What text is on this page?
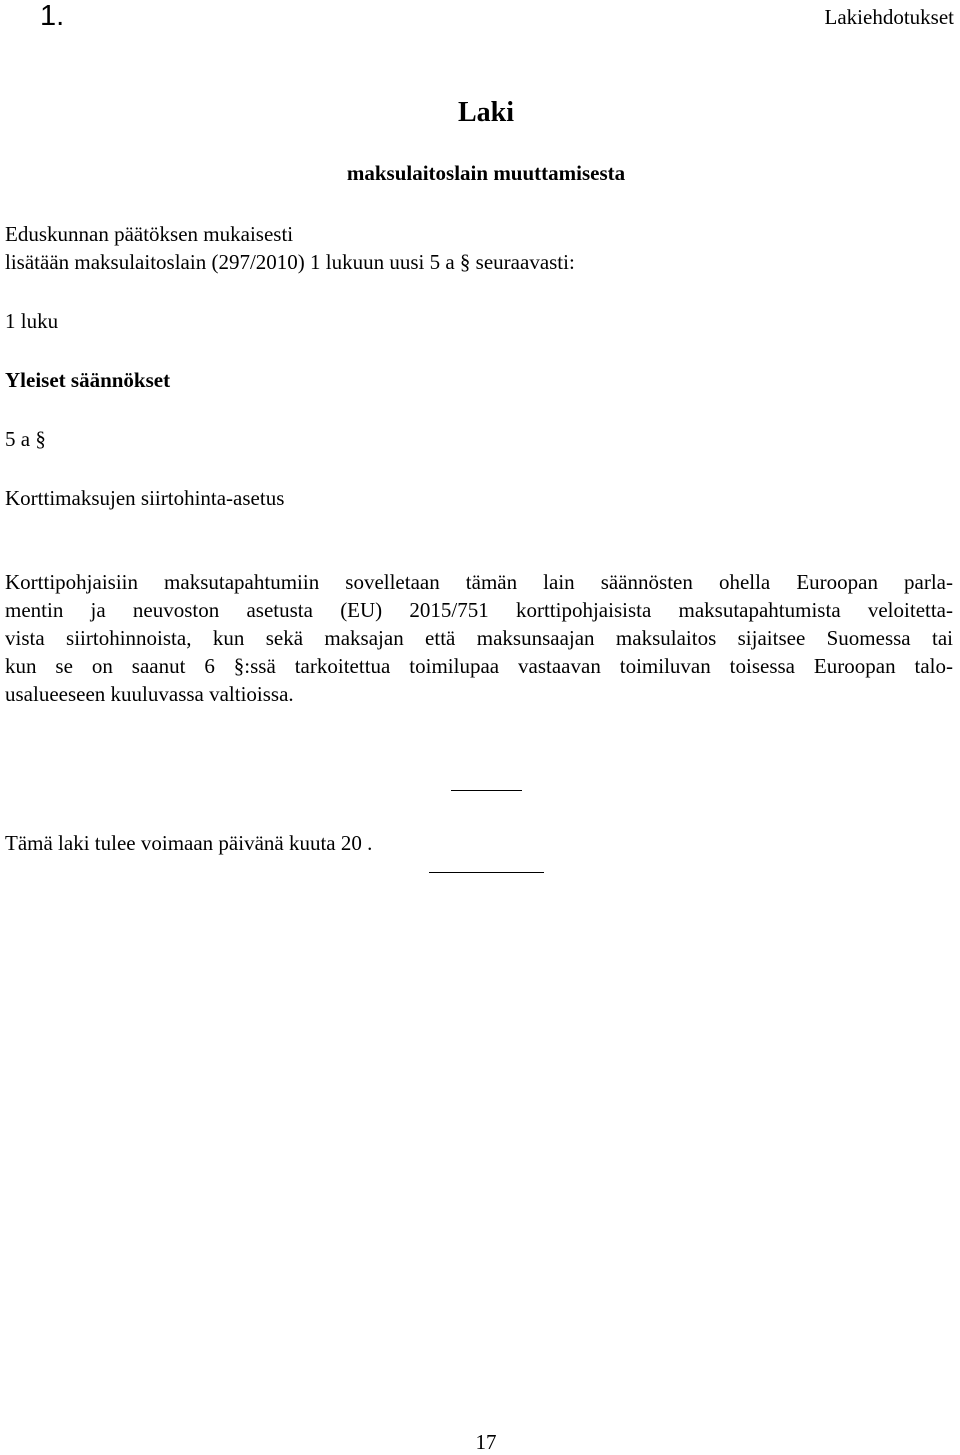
1.	Lakiehdotukset
Laki
maksulaitoslain muuttamisesta
Eduskunnan päätöksen mukaisesti
lisätään maksulaitoslain (297/2010) 1 lukuun uusi 5 a § seuraavasti:
1 luku
Yleiset säännökset
5 a §
Korttimaksujen siirtohinta-asetus
Korttipohjaisiin maksutapahtumiin sovelletaan tämän lain säännösten ohella Euroopan parla-
mentin ja neuvoston asetusta (EU) 2015/751 korttipohjaisista maksutapahtumista veloitetta-
vista siirtohinnoista, kun sekä maksajan että maksunsaajan maksulaitos sijaitsee Suomessa tai
kun se on saanut 6 §:ssä tarkoitettua toimilupaa vastaavan toimiluvan toisessa Euroopan talo-
usalueeseen kuuluvassa valtioissa.
Tämä laki tulee voimaan päivänä kuuta 20 .
17
